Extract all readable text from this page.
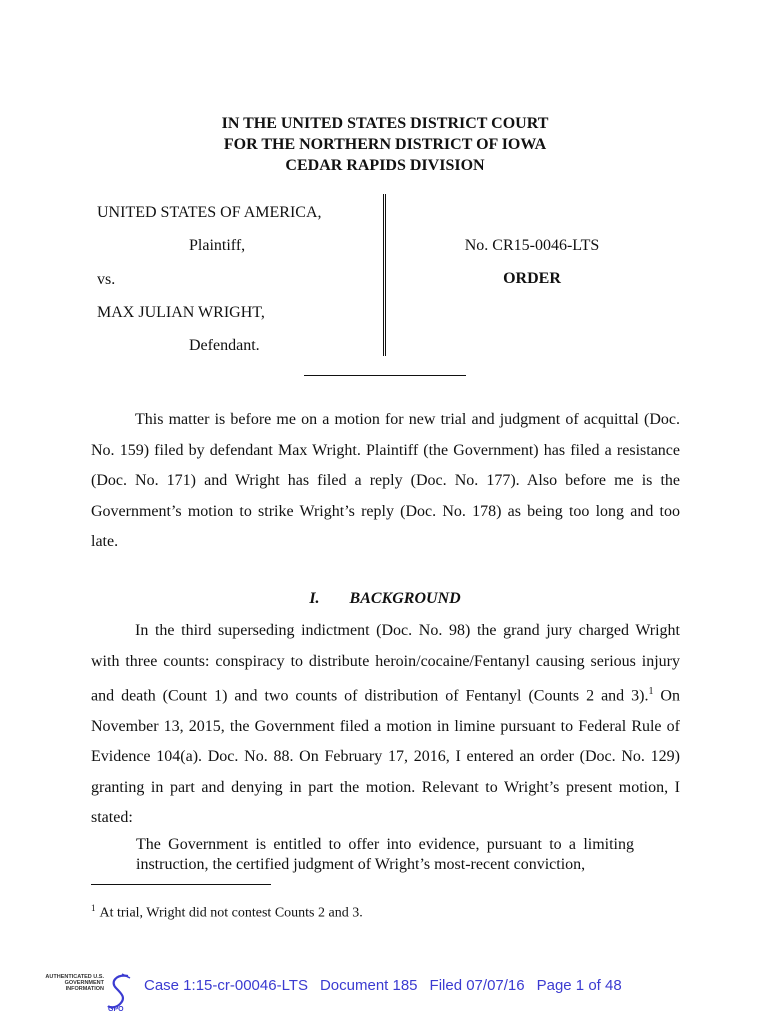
IN THE UNITED STATES DISTRICT COURT
FOR THE NORTHERN DISTRICT OF IOWA
CEDAR RAPIDS DIVISION
UNITED STATES OF AMERICA,
Plaintiff,
vs.
MAX JULIAN WRIGHT,
Defendant.
No. CR15-0046-LTS
ORDER

This matter is before me on a motion for new trial and judgment of acquittal (Doc. No. 159) filed by defendant Max Wright. Plaintiff (the Government) has filed a resistance (Doc. No. 171) and Wright has filed a reply (Doc. No. 177). Also before me is the Government’s motion to strike Wright’s reply (Doc. No. 178) as being too long and too late.

I. BACKGROUND

In the third superseding indictment (Doc. No. 98) the grand jury charged Wright with three counts: conspiracy to distribute heroin/cocaine/Fentanyl causing serious injury and death (Count 1) and two counts of distribution of Fentanyl (Counts 2 and 3).$^1$ On November 13, 2015, the Government filed a motion in limine pursuant to Federal Rule of Evidence 104(a). Doc. No. 88. On February 17, 2016, I entered an order (Doc. No. 129) granting in part and denying in part the motion. Relevant to Wright’s present motion, I stated:

The Government is entitled to offer into evidence, pursuant to a limiting instruction, the certified judgment of Wright’s most-recent conviction,

$^1$ At trial, Wright did not contest Counts 2 and 3.
AUTHENTICATED U.S. GOVERNMENT INFORMATION
GPO
Case 1:15-cr-00046-LTS Document 185 Filed 07/07/16 Page 1 of 48
